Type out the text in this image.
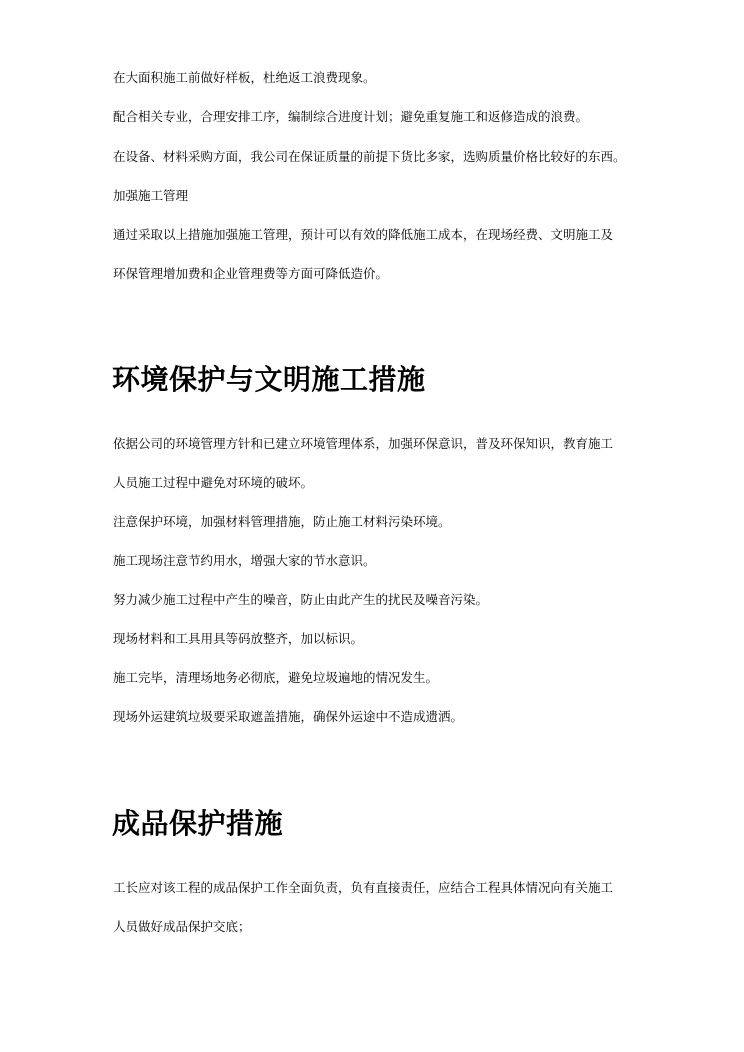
在大面积施工前做好样板，杜绝返工浪费现象。
配合相关专业，合理安排工序，编制综合进度计划；避免重复施工和返修造成的浪费。
在设备、材料采购方面，我公司在保证质量的前提下货比多家，选购质量价格比较好的东西。
加强施工管理
通过采取以上措施加强施工管理，预计可以有效的降低施工成本，在现场经费、文明施工及
环保管理增加费和企业管理费等方面可降低造价。
环境保护与文明施工措施
依据公司的环境管理方针和已建立环境管理体系，加强环保意识，普及环保知识，教育施工
人员施工过程中避免对环境的破坏。
注意保护环境，加强材料管理措施，防止施工材料污染环境。
施工现场注意节约用水，增强大家的节水意识。
努力减少施工过程中产生的噪音，防止由此产生的扰民及噪音污染。
现场材料和工具用具等码放整齐，加以标识。
施工完毕，清理场地务必彻底，避免垃圾遍地的情况发生。
现场外运建筑垃圾要采取遮盖措施，确保外运途中不造成遗洒。
成品保护措施
工长应对该工程的成品保护工作全面负责，负有直接责任，应结合工程具体情况向有关施工
人员做好成品保护交底；
